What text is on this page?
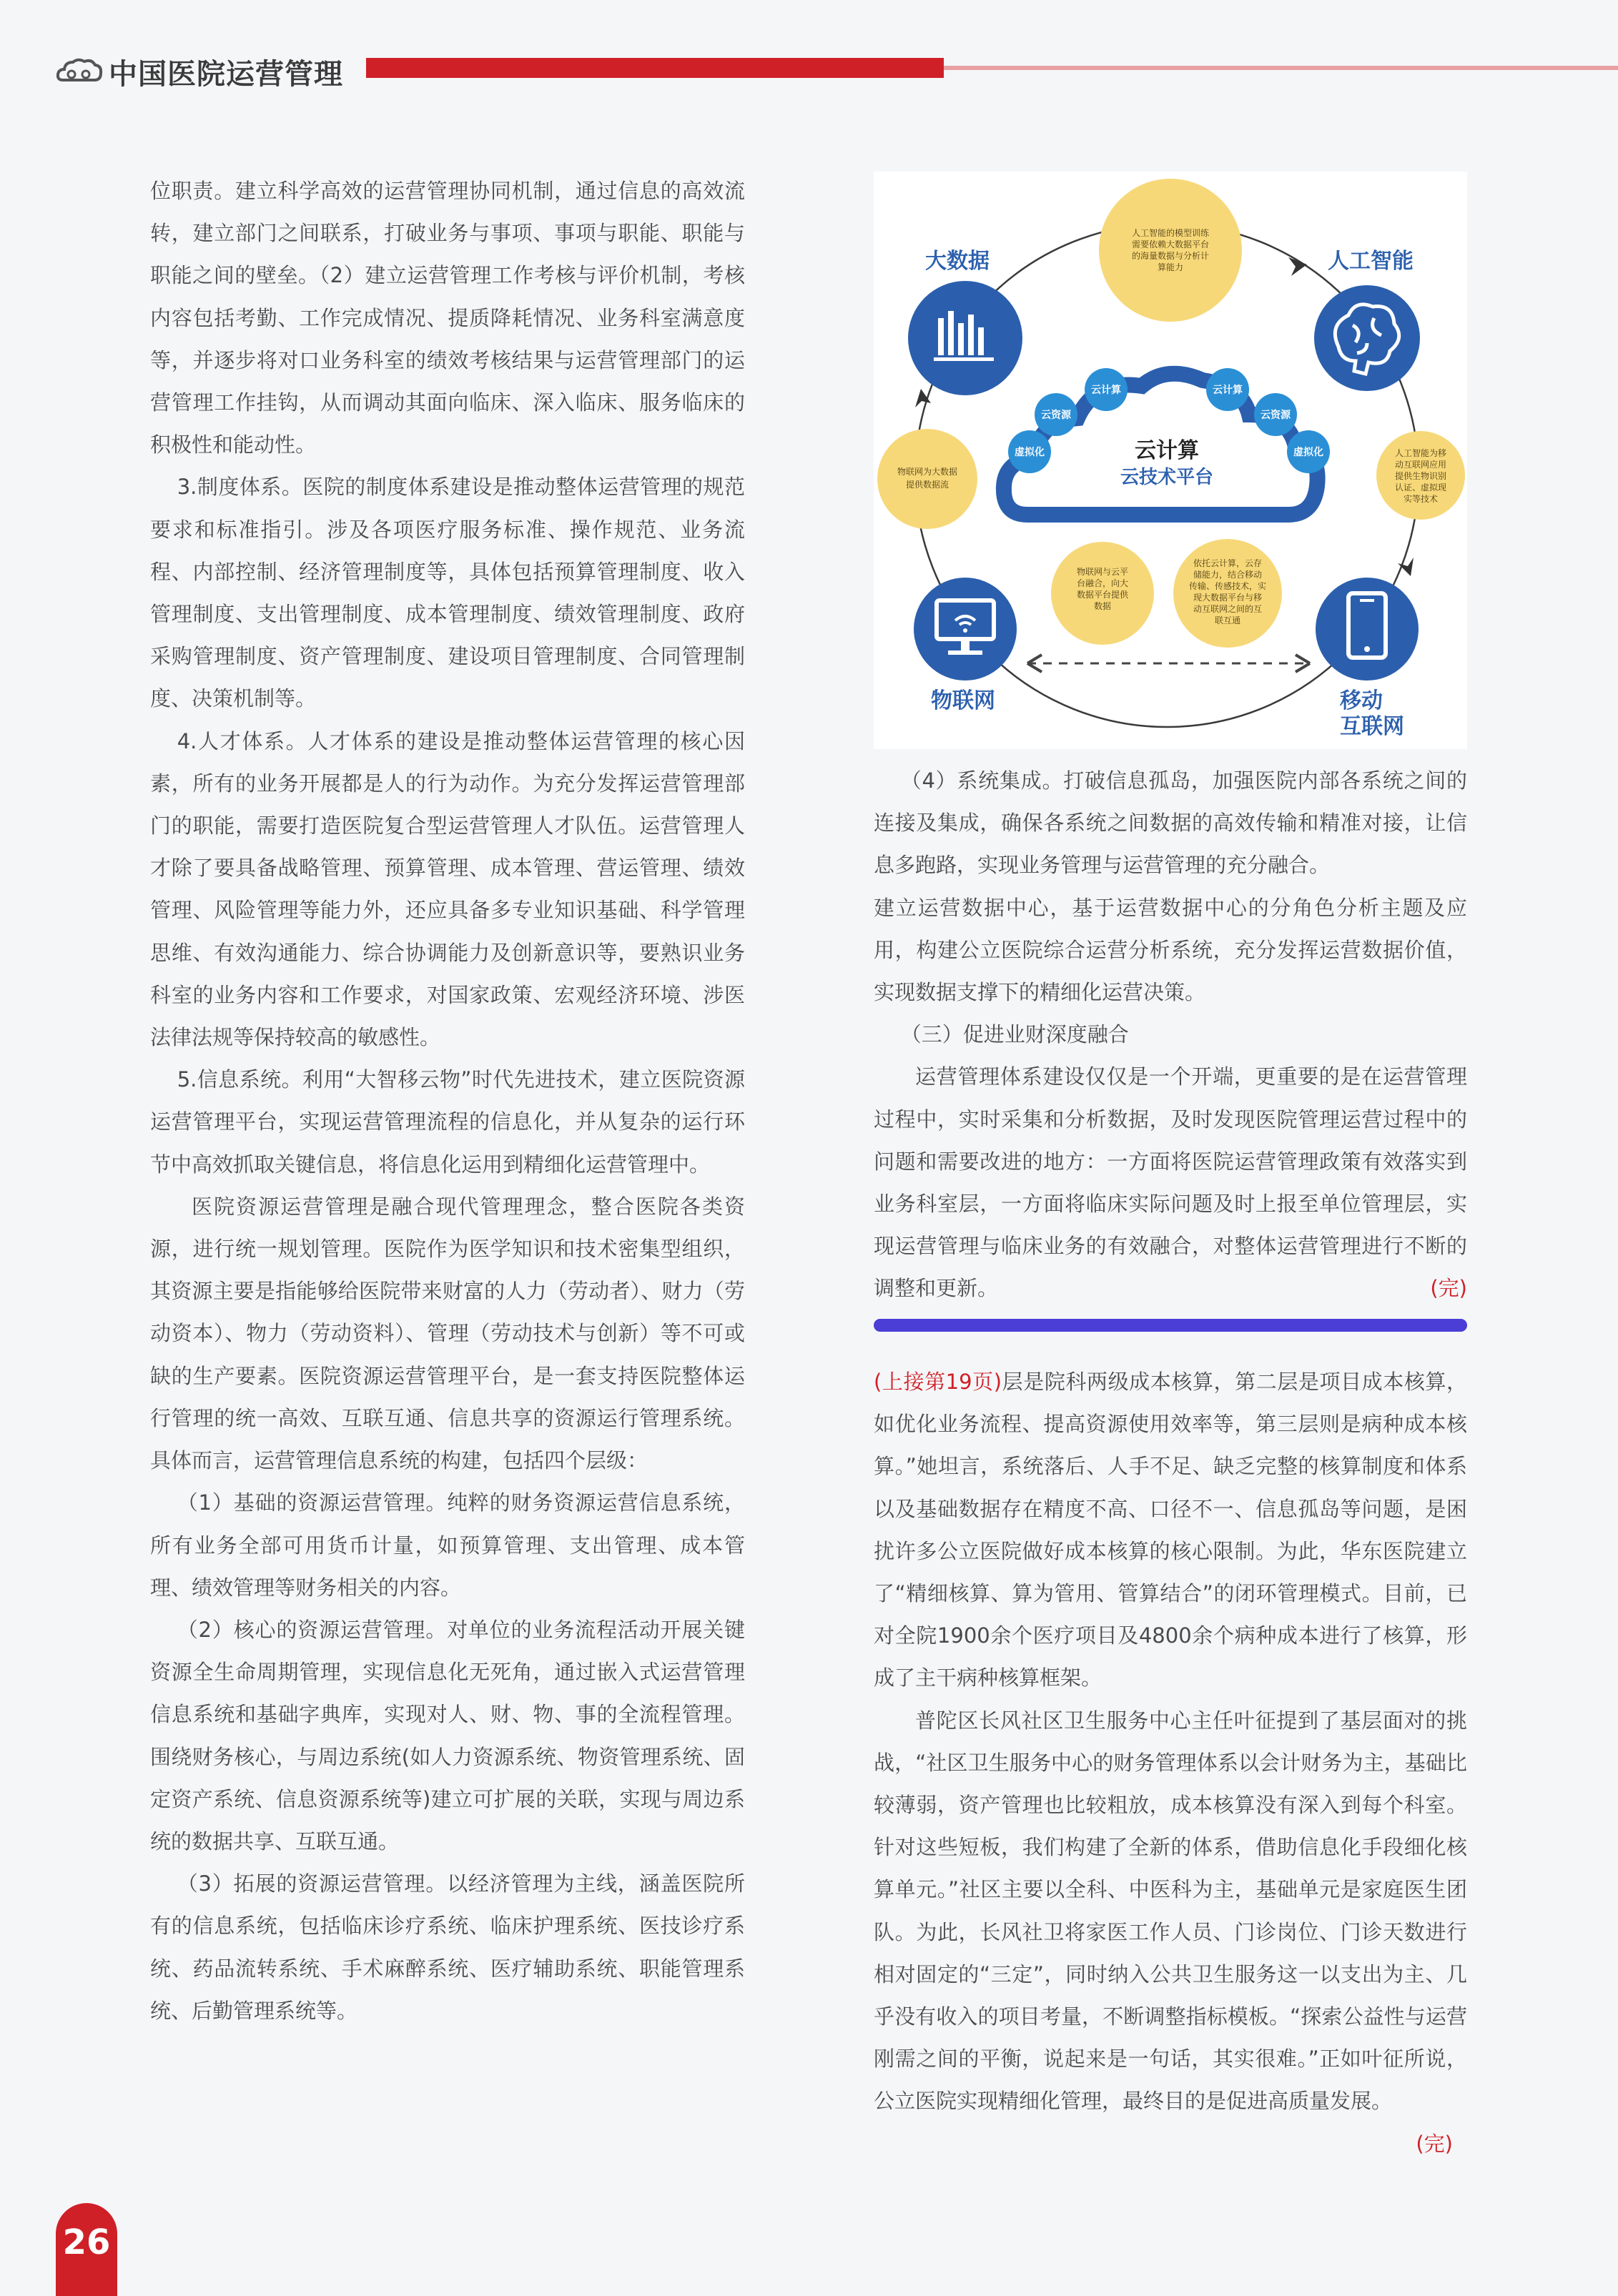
中国医院运营管理

位职责。建立科学高效的运营管理协同机制，通过信息的高效流转，建立部门之间联系，打破业务与事项、事项与职能、职能与职能之间的壁垒。（2）建立运营管理工作考核与评价机制，考核内容包括考勤、工作完成情况、提质降耗情况、业务科室满意度等，并逐步将对口业务科室的绩效考核结果与运营管理部门的运营管理工作挂钩，从而调动其面向临床、深入临床、服务临床的积极性和能动性。

3.制度体系。医院的制度体系建设是推动整体运营管理的规范要求和标准指引。涉及各项医疗服务标准、操作规范、业务流程、内部控制、经济管理制度等，具体包括预算管理制度、收入管理制度、支出管理制度、成本管理制度、绩效管理制度、政府采购管理制度、资产管理制度、建设项目管理制度、合同管理制度、决策机制等。

4.人才体系。人才体系的建设是推动整体运营管理的核心因素，所有的业务开展都是人的行为动作。为充分发挥运营管理部门的职能，需要打造医院复合型运营管理人才队伍。运营管理人才除了要具备战略管理、预算管理、成本管理、营运管理、绩效管理、风险管理等能力外，还应具备多专业知识基础、科学管理思维、有效沟通能力、综合协调能力及创新意识等，要熟识业务科室的业务内容和工作要求，对国家政策、宏观经济环境、涉医法律法规等保持较高的敏感性。

5.信息系统。利用“大智移云物”时代先进技术，建立医院资源运营管理平台，实现运营管理流程的信息化，并从复杂的运行环节中高效抓取关键信息，将信息化运用到精细化运营管理中。

医院资源运营管理是融合现代管理理念，整合医院各类资源，进行统一规划管理。医院作为医学知识和技术密集型组织，其资源主要是指能够给医院带来财富的人力（劳动者）、财力（劳动资本）、物力（劳动资料）、管理（劳动技术与创新）等不可或缺的生产要素。医院资源运营管理平台，是一套支持医院整体运行管理的统一高效、互联互通、信息共享的资源运行管理系统。具体而言，运营管理信息系统的构建，包括四个层级：

（1）基础的资源运营管理。纯粹的财务资源运营信息系统，所有业务全部可用货币计量，如预算管理、支出管理、成本管理、绩效管理等财务相关的内容。

（2）核心的资源运营管理。对单位的业务流程活动开展关键资源全生命周期管理，实现信息化无死角，通过嵌入式运营管理信息系统和基础字典库，实现对人、财、物、事的全流程管理。围绕财务核心，与周边系统(如人力资源系统、物资管理系统、固定资产系统、信息资源系统等)建立可扩展的关联，实现与周边系统的数据共享、互联互通。

（3）拓展的资源运营管理。以经济管理为主线，涵盖医院所有的信息系统，包括临床诊疗系统、临床护理系统、医技诊疗系统、药品流转系统、手术麻醉系统、医疗辅助系统、职能管理系统、后勤管理系统等。

大数据	人工智能
物联网	移动
互联网
人工智能的模型训练
需要依赖大数据平台
的海量数据与分析计
算能力
人工智能为移
动互联网应用
提供生物识别
认证、虚拟现
实等技术
物联网为大数据
提供数据流
物联网与云平
台融合，向大
数据平台提供
数据
依托云计算，云存
储能力，结合移动
传输、传感技术，实
现大数据平台与移
动互联网之间的互
联互通
云计算
云技术平台
云计算
云资源
虚拟化
云计算
云资源
虚拟化

（4）系统集成。打破信息孤岛，加强医院内部各系统之间的连接及集成，确保各系统之间数据的高效传输和精准对接，让信息多跑路，实现业务管理与运营管理的充分融合。

建立运营数据中心，基于运营数据中心的分角色分析主题及应用，构建公立医院综合运营分析系统，充分发挥运营数据价值，实现数据支撑下的精细化运营决策。

（三）促进业财深度融合

运营管理体系建设仅仅是一个开端，更重要的是在运营管理过程中，实时采集和分析数据，及时发现医院管理运营过程中的问题和需要改进的地方：一方面将医院运营管理政策有效落实到业务科室层，一方面将临床实际问题及时上报至单位管理层，实现运营管理与临床业务的有效融合，对整体运营管理进行不断的调整和更新。	(完)

(上接第19页)层是院科两级成本核算，第二层是项目成本核算，如优化业务流程、提高资源使用效率等，第三层则是病种成本核算。”她坦言，系统落后、人手不足、缺乏完整的核算制度和体系以及基础数据存在精度不高、口径不一、信息孤岛等问题，是困扰许多公立医院做好成本核算的核心限制。为此，华东医院建立了“精细核算、算为管用、管算结合”的闭环管理模式。目前，已对全院1900余个医疗项目及4800余个病种成本进行了核算，形成了主干病种核算框架。

普陀区长风社区卫生服务中心主任叶征提到了基层面对的挑战，“社区卫生服务中心的财务管理体系以会计财务为主，基础比较薄弱，资产管理也比较粗放，成本核算没有深入到每个科室。针对这些短板，我们构建了全新的体系，借助信息化手段细化核算单元。”社区主要以全科、中医科为主，基础单元是家庭医生团队。为此，长风社卫将家医工作人员、门诊岗位、门诊天数进行相对固定的“三定”，同时纳入公共卫生服务这一以支出为主、几乎没有收入的项目考量，不断调整指标模板。“探索公益性与运营刚需之间的平衡，说起来是一句话，其实很难。”正如叶征所说，公立医院实现精细化管理，最终目的是促进高质量发展。
(完)

26
